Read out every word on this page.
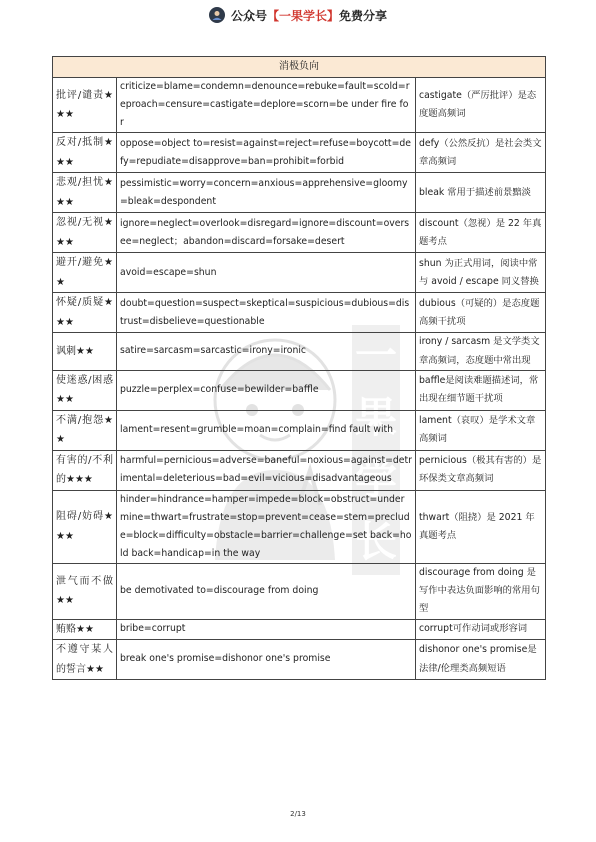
公众号 【一果学长】 免费分享
一果学长
消极负向		
批评/谴责★★★	criticize=blame=condemn=denounce=rebuke=fault=scold=reproach=censure=castigate=deplore=scorn=be under fire for	castigate（严厉批评）是态度题高频词
反对/抵制★★★	oppose=object to=resist=against=reject=refuse=boycott=defy=repudiate=disapprove=ban=prohibit=forbid	defy（公然反抗）是社会类文章高频词
悲观/担忧★★★	pessimistic=worry=concern=anxious=apprehensive=gloomy=bleak=despondent	bleak 常用于描述前景黯淡
忽视/无视★★★	ignore=neglect=overlook=disregard=ignore=discount=oversee=neglect；abandon=discard=forsake=desert	discount（忽视）是 22 年真题考点
避开/避免★★	avoid=escape=shun	shun 为正式用词，阅读中常与 avoid / escape 同义替换
怀疑/质疑★★★	doubt=question=suspect=skeptical=suspicious=dubious=distrust=disbelieve=questionable	dubious（可疑的）是态度题高频干扰项
讽刺★★	satire=sarcasm=sarcastic=irony=ironic	irony / sarcasm 是文学类文章高频词，态度题中常出现
使迷惑/困惑★★	puzzle=perplex=confuse=bewilder=baffle	baffle是阅读难题描述词，常出现在细节题干扰项
不满/抱怨★★	lament=resent=grumble=moan=complain=find fault with	lament（哀叹）是学术文章高频词
有害的/不利的★★★	harmful=pernicious=adverse=baneful=noxious=against=detrimental=deleterious=bad=evil=vicious=disadvantageous	pernicious（极其有害的）是环保类文章高频词
阻碍/妨碍★★★	hinder=hindrance=hamper=impede=block=obstruct=undermine=thwart=frustrate=stop=prevent=cease=stem=preclude=block=difficulty=obstacle=barrier=challenge=set back=hold back=handicap=in the way	thwart（阻挠）是 2021 年真题考点
泄气而不做★★	be demotivated to=discourage from doing	discourage from doing 是写作中表达负面影响的常用句型
贿赂★★	bribe=corrupt	corrupt可作动词或形容词
不遵守某人的誓言★★	break one's promise=dishonor one's promise	dishonor one's promise是法律/伦理类高频短语
2/13
